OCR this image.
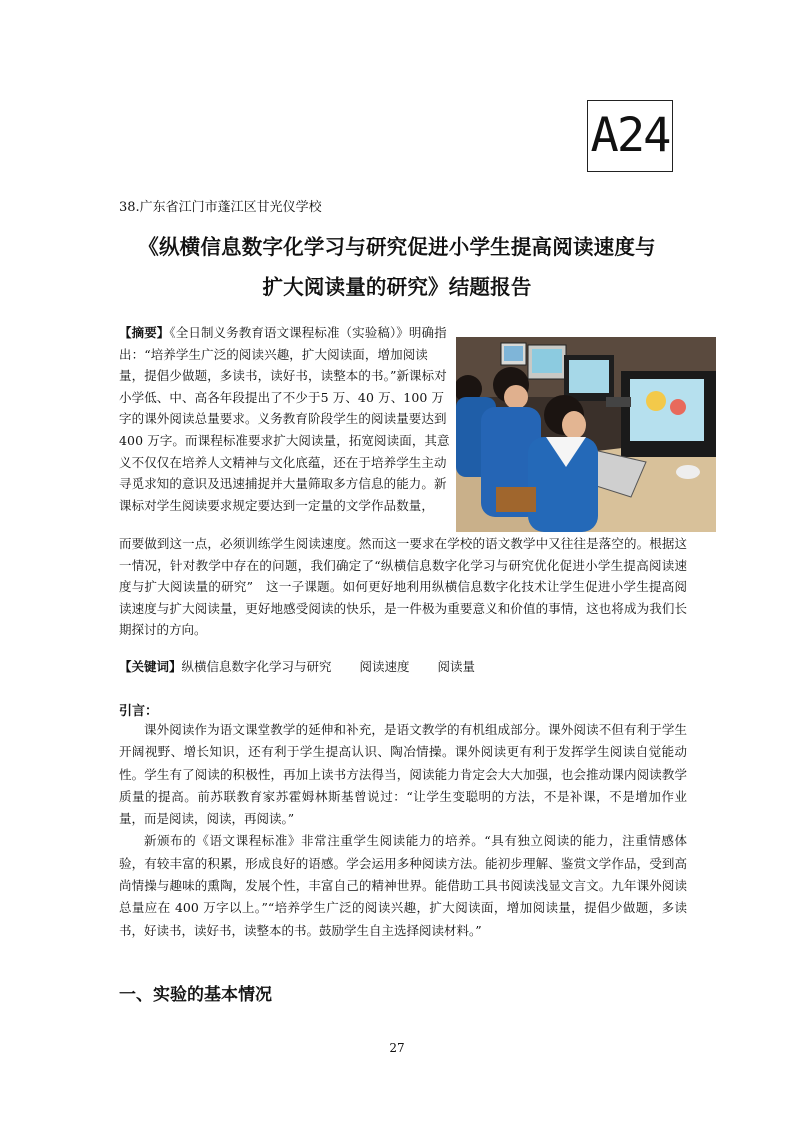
A24
38.广东省江门市蓬江区甘光仪学校
《纵横信息数字化学习与研究促进小学生提高阅读速度与
扩大阅读量的研究》结题报告
【摘要】《全日制义务教育语文课程标准（实验稿）》明确指出：“培养学生广泛的阅读兴趣，扩大阅读面，增加阅读量，提倡少做题，多读书，读好书，读整本的书。”新课标对小学低、中、高各年段提出了不少于5 万、40 万、100 万字的课外阅读总量要求。义务教育阶段学生的阅读量要达到 400 万字。而课程标准要求扩大阅读量，拓宽阅读面，其意义不仅仅在培养人文精神与文化底蕴，还在于培养学生主动寻觅求知的意识及迅速捕捉并大量筛取多方信息的能力。新课标对学生阅读要求规定要达到一定量的文学作品数量，
而要做到这一点，必须训练学生阅读速度。然而这一要求在学校的语文教学中又往往是落空的。根据这一情况，针对教学中存在的问题，我们确定了“纵横信息数字化学习与研究优化促进小学生提高阅读速度与扩大阅读量的研究”　这一子课题。如何更好地利用纵横信息数字化技术让学生促进小学生提高阅读速度与扩大阅读量，更好地感受阅读的快乐，是一件极为重要意义和价值的事情，这也将成为我们长期探讨的方向。
【关键词】纵横信息数字化学习与研究 阅读速度 阅读量
引言：

课外阅读作为语文课堂教学的延伸和补充，是语文教学的有机组成部分。课外阅读不但有利于学生开阔视野、增长知识，还有利于学生提高认识、陶冶情操。课外阅读更有利于发挥学生阅读自觉能动性。学生有了阅读的积极性，再加上读书方法得当，阅读能力肯定会大大加强，也会推动课内阅读教学质量的提高。前苏联教育家苏霍姆林斯基曾说过：“让学生变聪明的方法，不是补课，不是增加作业量，而是阅读，阅读，再阅读。”

新颁布的《语文课程标准》非常注重学生阅读能力的培养。“具有独立阅读的能力，注重情感体验，有较丰富的积累，形成良好的语感。学会运用多种阅读方法。能初步理解、鉴赏文学作品，受到高尚情操与趣味的熏陶，发展个性，丰富自己的精神世界。能借助工具书阅读浅显文言文。九年课外阅读总量应在 400 万字以上。”“培养学生广泛的阅读兴趣，扩大阅读面，增加阅读量，提倡少做题，多读书，好读书，读好书，读整本的书。鼓励学生自主选择阅读材料。”

一、实验的基本情况
27
